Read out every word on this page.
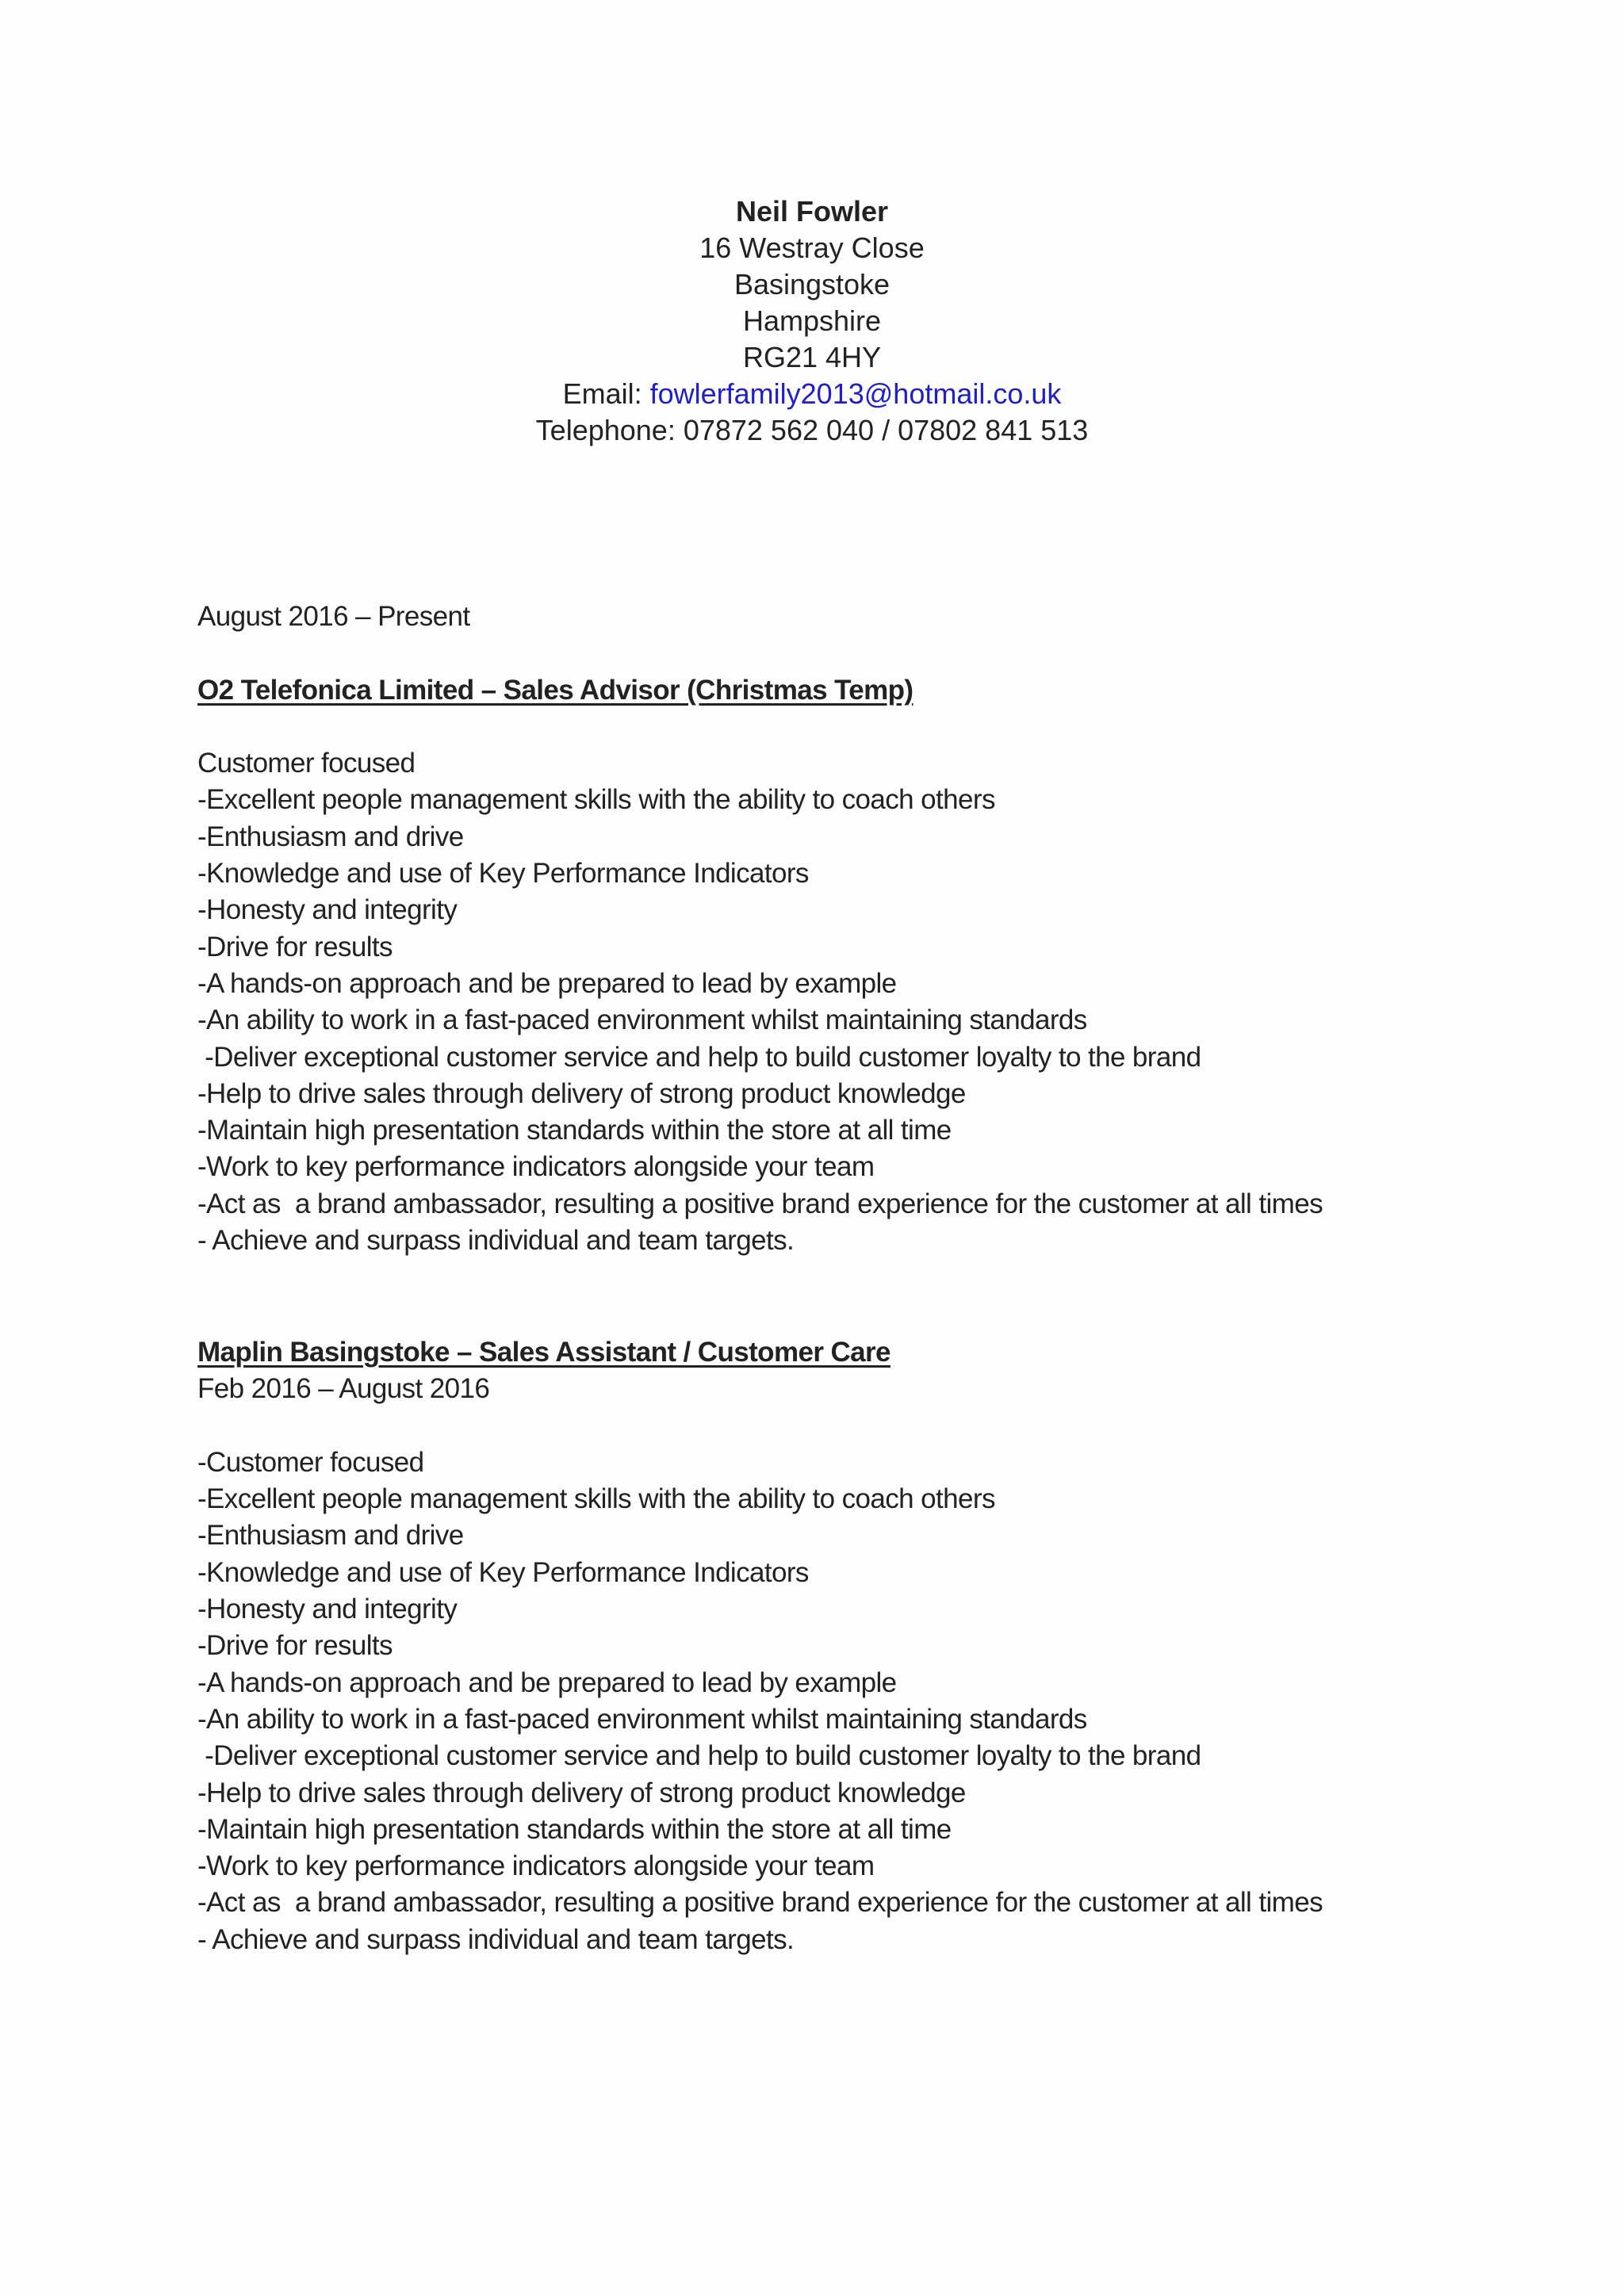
Neil Fowler
16 Westray Close
Basingstoke
Hampshire
RG21 4HY
Email: fowlerfamily2013@hotmail.co.uk
Telephone: 07872 562 040 / 07802 841 513
August 2016 – Present
O2 Telefonica Limited – Sales Advisor (Christmas Temp)
Customer focused
-Excellent people management skills with the ability to coach others
-Enthusiasm and drive
-Knowledge and use of Key Performance Indicators
-Honesty and integrity
-Drive for results
-A hands-on approach and be prepared to lead by example
-An ability to work in a fast-paced environment whilst maintaining standards
-Deliver exceptional customer service and help to build customer loyalty to the brand
-Help to drive sales through delivery of strong product knowledge
-Maintain high presentation standards within the store at all time
-Work to key performance indicators alongside your team
-Act as  a brand ambassador, resulting a positive brand experience for the customer at all times
- Achieve and surpass individual and team targets.
Maplin Basingstoke – Sales Assistant / Customer Care
Feb 2016 – August 2016
-Customer focused
-Excellent people management skills with the ability to coach others
-Enthusiasm and drive
-Knowledge and use of Key Performance Indicators
-Honesty and integrity
-Drive for results
-A hands-on approach and be prepared to lead by example
-An ability to work in a fast-paced environment whilst maintaining standards
-Deliver exceptional customer service and help to build customer loyalty to the brand
-Help to drive sales through delivery of strong product knowledge
-Maintain high presentation standards within the store at all time
-Work to key performance indicators alongside your team
-Act as  a brand ambassador, resulting a positive brand experience for the customer at all times
- Achieve and surpass individual and team targets.
